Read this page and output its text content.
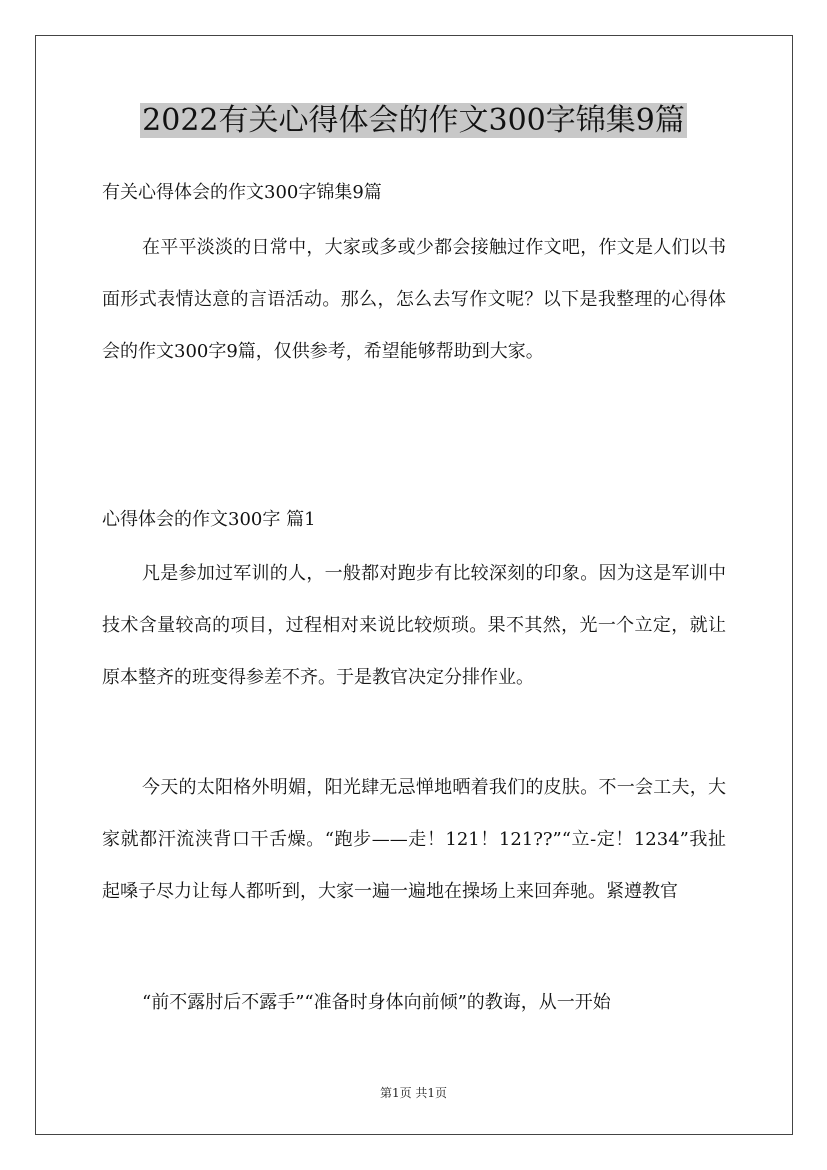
2022有关心得体会的作文300字锦集9篇

有关心得体会的作文300字锦集9篇

在平平淡淡的日常中，大家或多或少都会接触过作文吧，作文是人们以书面形式表情达意的言语活动。那么，怎么去写作文呢？以下是我整理的心得体会的作文300字9篇，仅供参考，希望能够帮助到大家。

心得体会的作文300字 篇1

凡是参加过军训的人，一般都对跑步有比较深刻的印象。因为这是军训中技术含量较高的项目，过程相对来说比较烦琐。果不其然，光一个立定，就让原本整齐的班变得参差不齐。于是教官决定分排作业。

今天的太阳格外明媚，阳光肆无忌惮地晒着我们的皮肤。不一会工夫，大家就都汗流浃背口干舌燥。“跑步——走！121！121??”“立-定！1234”我扯起嗓子尽力让每人都听到，大家一遍一遍地在操场上来回奔驰。紧遵教官

“前不露肘后不露手”“准备时身体向前倾”的教诲，从一开始

第1页 共1页
